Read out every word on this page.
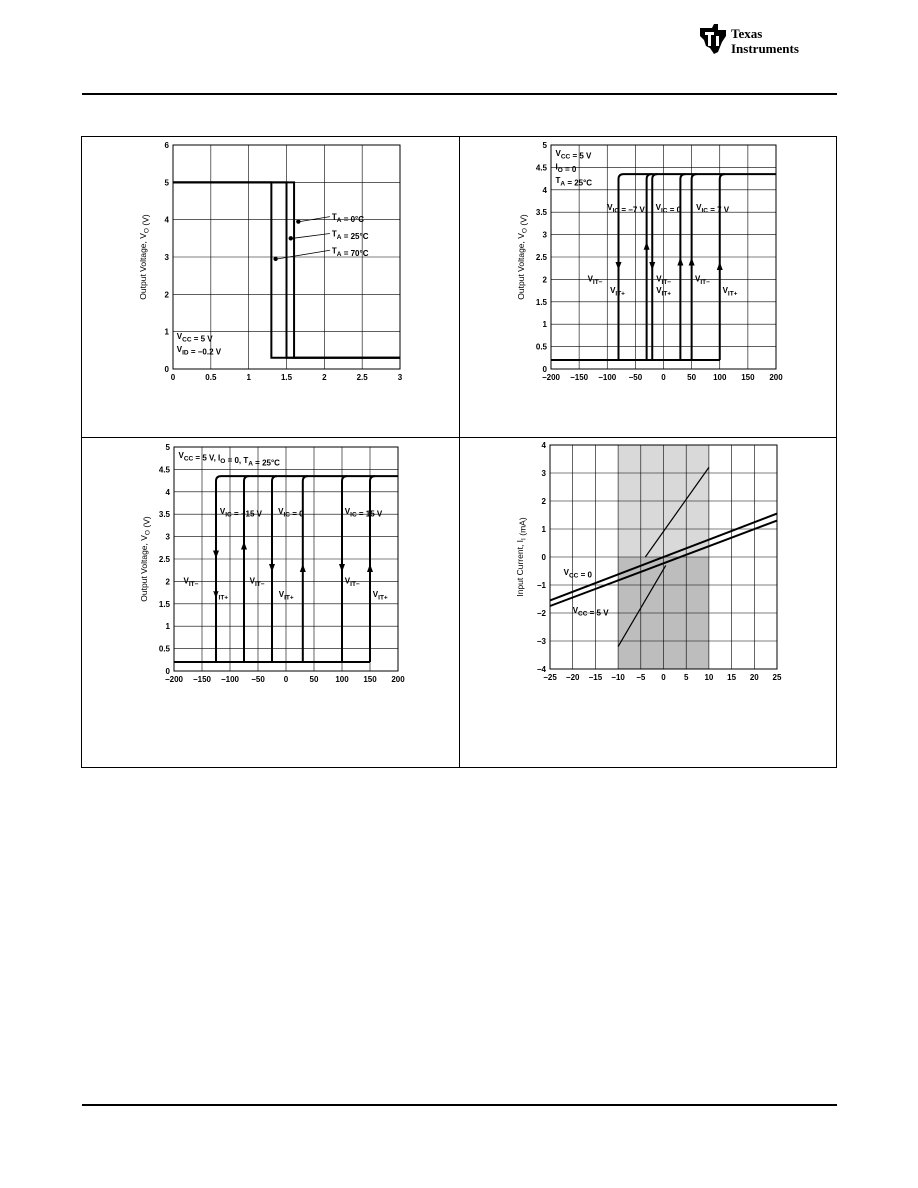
Texas
Instruments
0	0.5	1	1.5	2	2.5	3
0
1
2
3
4
5
6
Output Voltage, $V_O$ (V)	$T_A = 0^\circ C$
$T_A = 25^\circ C$
$T_A = 70^\circ C$
$V_{CC} = 5$ V
$V_{ID} = -0.2$ V
−200 −150 −100 −50 0	50 100 150 200
0
0.5
1
1.5
2
2.5
3
3.5
4
4.5
5
Output Voltage, $V_O$ (V)
$V_{CC} = 5$ V
$I_O = 0$
$T_A = 25^\circ C$
$V_{IC} = -7$ V $V_{IC} = 0$ $V_{IC} = 7$ V
$V_{IT-}$
$V_{IT+}$
$V_{IT-}$
$V_{IT+}$
$V_{IT-}$
$V_{IT+}$
−200 −150 −100 −50 0	50 100 150 200
0
0.5
1
1.5
2
2.5
3
3.5
4
4.5
5
Output Voltage, $V_O$ (V)
$V_{CC} = 5$ V, $I_O = 0$, $T_A = 25^\circ C$
$V_{IC} = -15$ V $V_{IC} = 0$	$V_{IC} = 15$ V
$V_{IT-}$
$V_{IT+}$
$V_{IT-}$
$V_{IT+}$
$V_{IT-}$
$V_{IT+}$
−25 −20 −15 −10 −5 0 5 10 15 20 25
−4
−3
−2
−1
0
1
2
3
4
Input Current, $I_I$ (mA)
$V_{CC} = 0$
$V_{CC} = 5$ V
